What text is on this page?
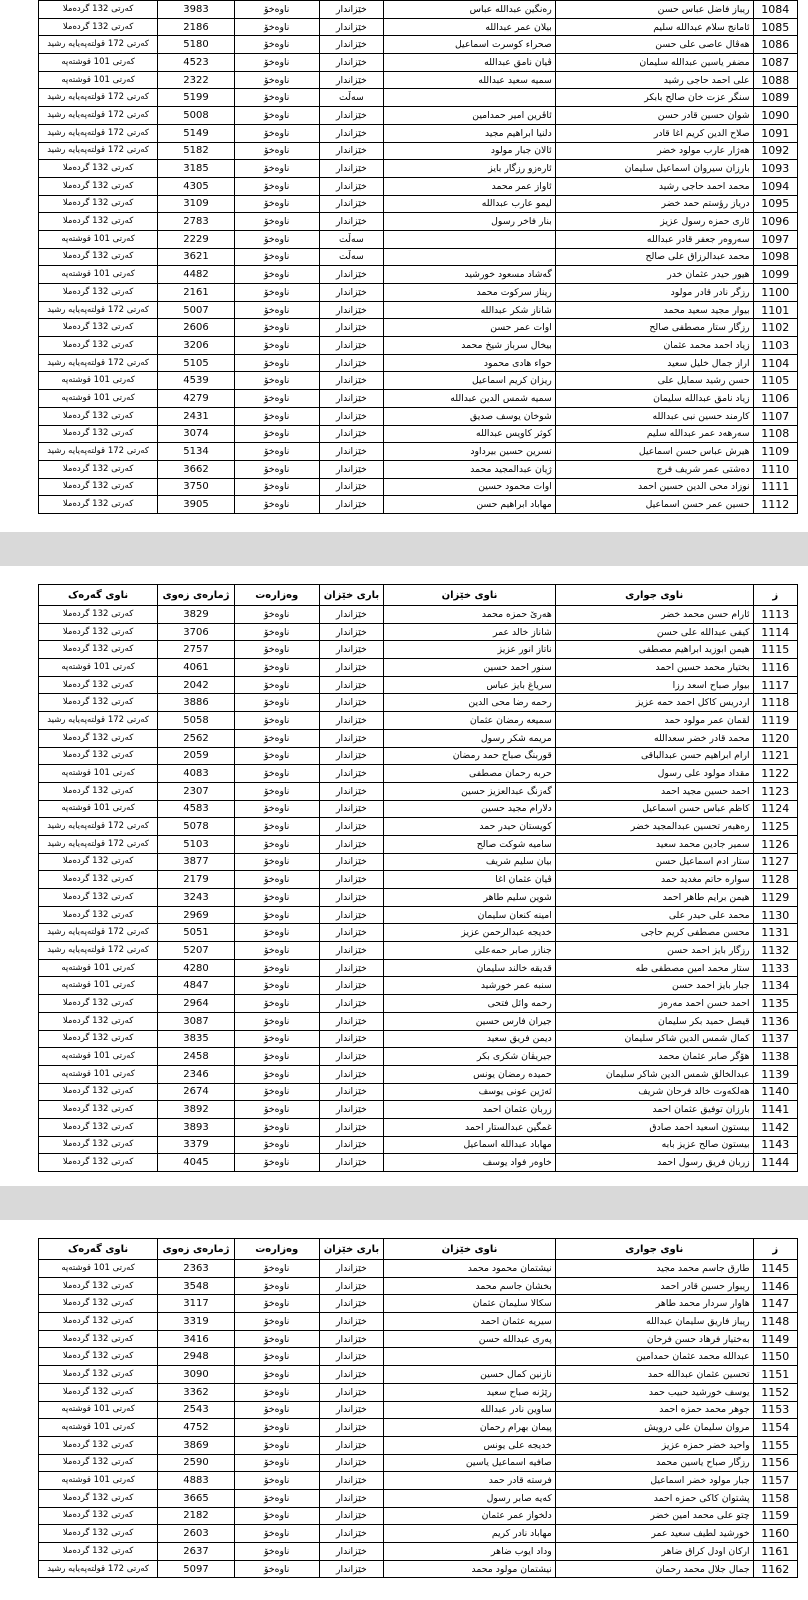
1084	ریباز فاضل عباس حسن	رەنگین عبداللە عباس	خێزاندار	ناوەخۆ	3983	کەرتی 132 گردەملا
1085	ئامانج سلام عبداللە سلیم	بیلان عمر عبداللە	خێزاندار	ناوەخۆ	2186	کەرتی 132 گردەملا
1086	هەڤال عاصی علی حسن	صحراء کوسرت اسماعیل	خێزاندار	ناوەخۆ	5180	کەرتی 172 قولتەپەیایە رشید
1087	مضفر یاسین عبداللە سلیمان	ڤیان نامق عبداللە	خێزاندار	ناوەخۆ	4523	کەرتی 101 قوشتەپە
1088	علی احمد حاجی رشید	سمیە سعید عبداللە	خێزاندار	ناوەخۆ	2322	کەرتی 101 قوشتەپە
1089	سنگر عزت خان صالح بابکر		سەڵت	ناوەخۆ	5199	کەرتی 172 قولتەپەیایە رشید
1090	شوان حسین قادر حسن	ئاڤرین امیر حمدامین	خێزاندار	ناوەخۆ	5008	کەرتی 172 قولتەپەیایە رشید
1091	صلاح الدین کریم اغا قادر	دلنیا ابراهیم مجید	خێزاندار	ناوەخۆ	5149	کەرتی 172 قولتەپەیایە رشید
1092	هەژار عارب مولود خضر	ئالان جبار مولود	خێزاندار	ناوەخۆ	5182	کەرتی 172 قولتەپەیایە رشید
1093	بارزان سیروان اسماعیل سلیمان	ئارەزو رزگار بایز	خێزاندار	ناوەخۆ	3185	کەرتی 132 گردەملا
1094	محمد احمد حاجی رشید	ئاواز عمر محمد	خێزاندار	ناوەخۆ	4305	کەرتی 132 گردەملا
1095	دریاز رؤستم حمد خضر	لیمو عارب عبداللە	خێزاندار	ناوەخۆ	3109	کەرتی 132 گردەملا
1096	ئاری حمزە رسول عزیز	بنار فاخر رسول	خێزاندار	ناوەخۆ	2783	کەرتی 132 گردەملا
1097	سەروەر جعفر قادر عبداللە		سەڵت	ناوەخۆ	2229	کەرتی 101 قوشتەپە
1098	محمد عبدالرزاق علی صالح		سەڵت	ناوەخۆ	3621	کەرتی 132 گردەملا
1099	هیور حیدر عثمان خدر	گەشاد مسعود خورشید	خێزاندار	ناوەخۆ	4482	کەرتی 101 قوشتەپە
1100	رزگر نادر قادر مولود	ریناز سرکوت محمد	خێزاندار	ناوەخۆ	2161	کەرتی 132 گردەملا
1101	بیوار مجید سعید محمد	شاناز شکر عبداللە	خێزاندار	ناوەخۆ	5007	کەرتی 172 قولتەپەیایە رشید
1102	رزگار ستار مصطفی صالح	اوات عمر حسن	خێزاندار	ناوەخۆ	2606	کەرتی 132 گردەملا
1103	زیاد احمد محمد عثمان	بیخال سرباز شیخ محمد	خێزاندار	ناوەخۆ	3206	کەرتی 132 گردەملا
1104	اراز جمال خلیل سعید	حواء هادی محمود	خێزاندار	ناوەخۆ	5105	کەرتی 172 قولتەپەیایە رشید
1105	حسن رشید سمایل علی	ریزان کریم اسماعیل	خێزاندار	ناوەخۆ	4539	کەرتی 101 قوشتەپە
1106	زیاد نامق عبداللە سلیمان	سمیە شمس الدین عبداللە	خێزاندار	ناوەخۆ	4279	کەرتی 101 قوشتەپە
1107	کارمند حسین نبی عبداللە	شوخان یوسف صدیق	خێزاندار	ناوەخۆ	2431	کەرتی 132 گردەملا
1108	سەرهەد عمر عبداللە سلیم	کوثر کاویس عبداللە	خێزاندار	ناوەخۆ	3074	کەرتی 132 گردەملا
1109	هیرش عباس حسن اسماعیل	نسرین حسین بیرداود	خێزاندار	ناوەخۆ	5134	کەرتی 172 قولتەپەیایە رشید
1110	دەشتی عمر شریف فرج	ژیان عبدالمجید محمد	خێزاندار	ناوەخۆ	3662	کەرتی 132 گردەملا
1111	نوزاد محی الدین حسین احمد	اوات محمود حسین	خێزاندار	ناوەخۆ	3750	کەرتی 132 گردەملا
1112	حسین عمر حسن اسماعیل	مهاباد ابراهیم حسن	خێزاندار	ناوەخۆ	3905	کەرتی 132 گردەملا
ز	ناوی جواری	ناوی خێزان	باری خێزان	وەزارەت	ژمارەی زەوی	ناوی گەرەک
1113	ئارام حسن محمد خضر	هەرێ حمزە محمد	خێزاندار	ناوەخۆ	3829	کەرتی 132 گردەملا
1114	کیفی عبداللە علی حسن	شاناز خالد عمر	خێزاندار	ناوەخۆ	3706	کەرتی 132 گردەملا
1115	هیمن ابوزید ابراهیم مصطفی	ناتاز انور عزیز	خێزاندار	ناوەخۆ	2757	کەرتی 132 گردەملا
1116	بختیار محمد حسین احمد	سنور احمد حسین	خێزاندار	ناوەخۆ	4061	کەرتی 101 قوشتەپە
1117	بیوار صباح اسعد رزا	سریاغ بایز عباس	خێزاندار	ناوەخۆ	2042	کەرتی 132 گردەملا
1118	اردریس کاکل احمد حمە عزیز	رحمە رضا محی الدین	خێزاندار	ناوەخۆ	3886	کەرتی 132 گردەملا
1119	لقمان عمر مولود حمد	سمیعە رمضان عثمان	خێزاندار	ناوەخۆ	5058	کەرتی 172 قولتەپەیایە رشید
1120	محمد قادر خضر سعداللە	مریمە شکر رسول	خێزاندار	ناوەخۆ	2562	کەرتی 132 گردەملا
1121	ارام ابراهیم حسن عبدالباقی	قوربنگ صباح حمد رمضان	خێزاندار	ناوەخۆ	2059	کەرتی 132 گردەملا
1122	مقداد مولود علی رسول	حربە رحمان مصطفی	خێزاندار	ناوەخۆ	4083	کەرتی 101 قوشتەپە
1123	احمد حسین مجید احمد	گەزنگ عبدالعزیز حسین	خێزاندار	ناوەخۆ	2307	کەرتی 132 گردەملا
1124	کاظم عباس حسن اسماعیل	دلارام مجید حسین	خێزاندار	ناوەخۆ	4583	کەرتی 101 قوشتەپە
1125	رەهبەر تحسین عبدالمجید خضر	کویستان حیدر حمد	خێزاندار	ناوەخۆ	5078	کەرتی 172 قولتەپەیایە رشید
1126	سمیر جادین محمد سعید	سامیە شوکت صالح	خێزاندار	ناوەخۆ	5103	کەرتی 172 قولتەپەیایە رشید
1127	ستار ادم اسماعیل حسن	بیان سلیم شریف	خێزاندار	ناوەخۆ	3877	کەرتی 132 گردەملا
1128	سوارە حاتم مغدید حمد	ڤیان عثمان اغا	خێزاندار	ناوەخۆ	2179	کەرتی 132 گردەملا
1129	هیمن برایم طاهر احمد	شوین سلیم طاهر	خێزاندار	ناوەخۆ	3243	کەرتی 132 گردەملا
1130	محمد علی حیدر علی	امینە کنعان سلیمان	خێزاندار	ناوەخۆ	2969	کەرتی 132 گردەملا
1131	محسن مصطفی کریم حاجی	خدیجە عبدالرحمن عزیز	خێزاندار	ناوەخۆ	5051	کەرتی 172 قولتەپەیایە رشید
1132	رزگار بایز احمد حسن	جنازر صابر حمەعلی	خێزاندار	ناوەخۆ	5207	کەرتی 172 قولتەپەیایە رشید
1133	ستار محمد امین مصطفی طە	قدیقە خالند سلیمان	خێزاندار	ناوەخۆ	4280	کەرتی 101 قوشتەپە
1134	جبار بایز احمد حسن	سنبە عمر خورشید	خێزاندار	ناوەخۆ	4847	کەرتی 101 قوشتەپە
1135	احمد حسن احمد مەرەز	رحمە وائل فتحی	خێزاندار	ناوەخۆ	2964	کەرتی 132 گردەملا
1136	قیصل حمید بکر سلیمان	جیران فارس حسین	خێزاندار	ناوەخۆ	3087	کەرتی 132 گردەملا
1137	کمال شمس الدین شاکر سلیمان	دیمن فریق سعید	خێزاندار	ناوەخۆ	3835	کەرتی 132 گردەملا
1138	هۆگر صابر عثمان محمد	جیریڤان شکری بکر	خێزاندار	ناوەخۆ	2458	کەرتی 101 قوشتەپە
1139	عبدالخالق شمس الدین شاکر سلیمان	حمیدە رمضان یونس	خێزاندار	ناوەخۆ	2346	کەرتی 101 قوشتەپە
1140	هەلکەوت خالد فرحان شریف	ئەژین عونی یوسف	خێزاندار	ناوەخۆ	2674	کەرتی 132 گردەملا
1141	بارزان توفیق عثمان احمد	زربان عثمان احمد	خێزاندار	ناوەخۆ	3892	کەرتی 132 گردەملا
1142	بیستون اسعید احمد صادق	غمگین عبدالستار احمد	خێزاندار	ناوەخۆ	3893	کەرتی 132 گردەملا
1143	بیستون صالح عزیز بابە	مهاباد عبداللە اسماعیل	خێزاندار	ناوەخۆ	3379	کەرتی 132 گردەملا
1144	زربان فریق رسول احمد	خاوەر فواد یوسف	خێزاندار	ناوەخۆ	4045	کەرتی 132 گردەملا
ز	ناوی جواری	ناوی خێزان	باری خێزان	وەزارەت	ژمارەی زەوی	ناوی گەرەک
1145	طارق جاسم محمد مجید	نیشتمان محمود محمد	خێزاندار	ناوەخۆ	2363	کەرتی 101 قوشتەپە
1146	ریبوار حسین قادر احمد	بخشان جاسم محمد	خێزاندار	ناوەخۆ	3548	کەرتی 132 گردەملا
1147	هاوار سردار محمد طاهر	سکالا سلیمان عثمان	خێزاندار	ناوەخۆ	3117	کەرتی 132 گردەملا
1148	ریباز فاریق سلیمان عبداللە	سیریە عثمان احمد	خێزاندار	ناوەخۆ	3319	کەرتی 132 گردەملا
1149	بەختیار فرهاد حسن فرحان	پەری عبداللە حسن	خێزاندار	ناوەخۆ	3416	کەرتی 132 گردەملا
1150	عبداللە محمد عثمان حمدامین		خێزاندار	ناوەخۆ	2948	کەرتی 132 گردەملا
1151	تحسین عثمان عبداللە حمد	نازنین کمال حسین	خێزاندار	ناوەخۆ	3090	کەرتی 132 گردەملا
1152	یوسف خورشید حبیب حمد	رێژنە صباح سعید	خێزاندار	ناوەخۆ	3362	کەرتی 132 گردەملا
1153	جوهر محمد حمزە احمد	ساوین نادر عبداللە	خێزاندار	ناوەخۆ	2543	کەرتی 101 قوشتەپە
1154	مروان سلیمان علی درویش	پیمان بهرام رحمان	خێزاندار	ناوەخۆ	4752	کەرتی 101 قوشتەپە
1155	واحید خضر حمزە عزیز	خدیجە علی یونس	خێزاندار	ناوەخۆ	3869	کەرتی 132 گردەملا
1156	رزگار صباح یاسین محمد	صافیە اسماعیل یاسین	خێزاندار	ناوەخۆ	2590	کەرتی 132 گردەملا
1157	جبار مولود خضر اسماعیل	فرستە قادر حمد	خێزاندار	ناوەخۆ	4883	کەرتی 101 قوشتەپە
1158	پشتوان کاکی حمزە احمد	کەیە صابر رسول	خێزاندار	ناوەخۆ	3665	کەرتی 132 گردەملا
1159	چتو علی محمد امین خضر	دلخواز عمر عثمان	خێزاندار	ناوەخۆ	2182	کەرتی 132 گردەملا
1160	خورشید لطیف سعید عمر	مهاباد نادر کریم	خێزاندار	ناوەخۆ	2603	کەرتی 132 گردەملا
1161	ارکان اودل کراق ضاهر	وداد ایوب ضاهر	خێزاندار	ناوەخۆ	2637	کەرتی 132 گردەملا
1162	جمال جلال محمد رحمان	نیشتمان مولود محمد	خێزاندار	ناوەخۆ	5097	کەرتی 172 قولتەپەیایە رشید
